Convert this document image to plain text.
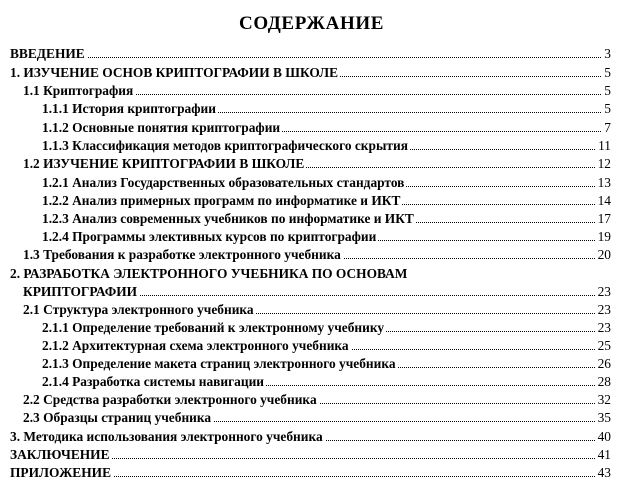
СОДЕРЖАНИЕ
ВВЕДЕНИЕ	3
1. ИЗУЧЕНИЕ ОСНОВ КРИПТОГРАФИИ В ШКОЛЕ	5
1.1 Криптография	5
1.1.1 История криптографии	5
1.1.2 Основные понятия криптографии	7
1.1.3 Классификация методов криптографического скрытия	11
1.2 ИЗУЧЕНИЕ КРИПТОГРАФИИ В ШКОЛЕ	12
1.2.1 Анализ Государственных образовательных стандартов	13
1.2.2 Анализ примерных программ по информатике и ИКТ	14
1.2.3 Анализ современных учебников по информатике и ИКТ	17
1.2.4 Программы элективных курсов по криптографии	19
1.3 Требования к разработке электронного учебника	20
2. РАЗРАБОТКА ЭЛЕКТРОННОГО УЧЕБНИКА ПО ОСНОВАМ
КРИПТОГРАФИИ	23
2.1 Структура электронного учебника	23
2.1.1 Определение требований к электронному учебнику	23
2.1.2 Архитектурная схема электронного учебника	25
2.1.3 Определение макета страниц электронного учебника	26
2.1.4 Разработка системы навигации	28
2.2 Средства разработки электронного учебника	32
2.3 Образцы страниц учебника	35
3. Методика использования электронного учебника	40
ЗАКЛЮЧЕНИЕ	41
ПРИЛОЖЕНИЕ	43
